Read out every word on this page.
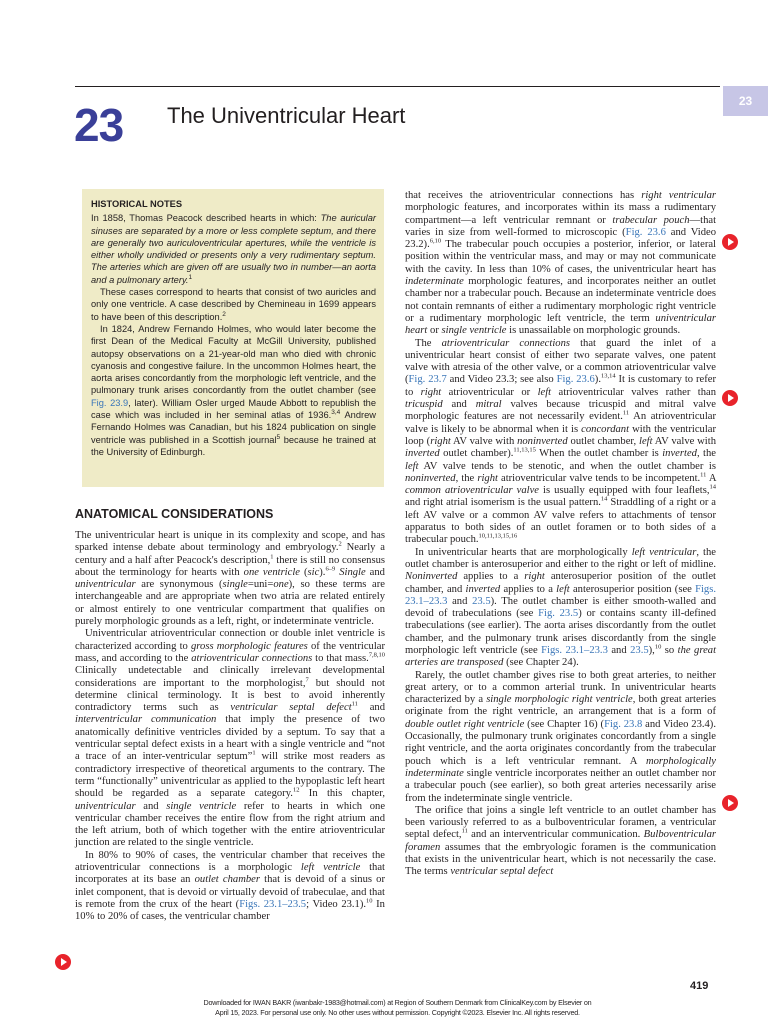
23
23 The Univentricular Heart
HISTORICAL NOTES

In 1858, Thomas Peacock described hearts in which: The auricular sinuses are separated by a more or less complete septum, and there are generally two auriculoventricular apertures, while the ventricle is either wholly undivided or presents only a very rudimentary septum. The arteries which are given off are usually two in number—an aorta and a pulmonary artery.$^1$

These cases correspond to hearts that consist of two auricles and only one ventricle. A case described by Chemineau in 1699 appears to have been of this description.$^2$

In 1824, Andrew Fernando Holmes, who would later become the first Dean of the Medical Faculty at McGill University, published autopsy observations on a 21-year-old man who died with chronic cyanosis and congestive failure. In the uncommon Holmes heart, the aorta arises concordantly from the morphologic left ventricle, and the pulmonary trunk arises concordantly from the outlet chamber (see Fig. 23.9, later). William Osler urged Maude Abbott to republish the case which was included in her seminal atlas of 1936.$^{3,4}$ Andrew Fernando Holmes was Canadian, but his 1824 publication on single ventricle was published in a Scottish journal$^5$ because he trained at the University of Edinburgh.

ANATOMICAL CONSIDERATIONS

The univentricular heart is unique in its complexity and scope, and has sparked intense debate about terminology and embryology.$^2$ Nearly a century and a half after Peacock's description,$^1$ there is still no consensus about the terminology for hearts with one ventricle (sic).$^{6-9}$ Single and univentricular are synonymous (single=uni=one), so these terms are interchangeable and are appropriate when two atria are related entirely or almost entirely to one ventricular compartment that qualifies on purely morphologic grounds as a left, right, or indeterminate ventricle.

Univentricular atrioventricular connection or double inlet ventricle is characterized according to gross morphologic features of the ventricular mass, and according to the atrioventricular connections to that mass.$^{7,8,10}$ Clinically undetectable and clinically irrelevant developmental considerations are important to the morphologist,$^7$ but should not determine clinical terminology. It is best to avoid inherently contradictory terms such as ventricular septal defect$^{11}$ and interventricular communication that imply the presence of two anatomically definitive ventricles divided by a septum. To say that a ventricular septal defect exists in a heart with a single ventricle and “not a trace of an inter-ventricular septum”$^1$ will strike most readers as contradictory irrespective of theoretical arguments to the contrary. The term “functionally” univentricular as applied to the hypoplastic left heart should be regarded as a separate category.$^{12}$ In this chapter, univentricular and single ventricle refer to hearts in which one ventricular chamber receives the entire flow from the right atrium and the left atrium, both of which together with the entire atrioventricular junction are related to the single ventricle.

In 80% to 90% of cases, the ventricular chamber that receives the atrioventricular connections is a morphologic left ventricle that incorporates at its base an outlet chamber that is devoid of a sinus or inlet component, that is devoid or virtually devoid of trabeculae, and that is remote from the crux of the heart (Figs. 23.1–23.5; Video 23.1).$^{10}$ In 10% to 20% of cases, the ventricular chamber

that receives the atrioventricular connections has right ventricular morphologic features, and incorporates within its mass a rudimentary compartment—a left ventricular remnant or trabecular pouch—that varies in size from well-formed to microscopic (Fig. 23.6 and Video 23.2).$^{6,10}$ The trabecular pouch occupies a posterior, inferior, or lateral position within the ventricular mass, and may or may not communicate with the cavity. In less than 10% of cases, the univentricular heart has indeterminate morphologic features, and incorporates neither an outlet chamber nor a trabecular pouch. Because an indeterminate ventricle does not contain remnants of either a rudimentary morphologic right ventricle or a rudimentary morphologic left ventricle, the term univentricular heart or single ventricle is unassailable on morphologic grounds.

The atrioventricular connections that guard the inlet of a univentricular heart consist of either two separate valves, one patent valve with atresia of the other valve, or a common atrioventricular valve (Fig. 23.7 and Video 23.3; see also Fig. 23.6).$^{13,14}$ It is customary to refer to right atrioventricular or left atrioventricular valves rather than tricuspid and mitral valves because tricuspid and mitral valve morphologic features are not necessarily evident.$^{11}$ An atrioventricular valve is likely to be abnormal when it is concordant with the ventricular loop (right AV valve with noninverted outlet chamber, left AV valve with inverted outlet chamber).$^{11,13,15}$ When the outlet chamber is inverted, the left AV valve tends to be stenotic, and when the outlet chamber is noninverted, the right atrioventricular valve tends to be incompetent.$^{11}$ A common atrioventricular valve is usually equipped with four leaflets,$^{14}$ and right atrial isomerism is the usual pattern.$^{14}$ Straddling of a right or a left AV valve or a common AV valve refers to attachments of tensor apparatus to both sides of an outlet foramen or to both sides of a trabecular pouch.$^{10,11,13,15,16}$

In univentricular hearts that are morphologically left ventricular, the outlet chamber is anterosuperior and either to the right or left of midline. Noninverted applies to a right anterosuperior position of the outlet chamber, and inverted applies to a left anterosuperior position (see Figs. 23.1–23.3 and 23.5). The outlet chamber is either smooth-walled and devoid of trabeculations (see Fig. 23.5) or contains scanty ill-defined trabeculations (see earlier). The aorta arises discordantly from the outlet chamber, and the pulmonary trunk arises discordantly from the single morphologic left ventricle (see Figs. 23.1–23.3 and 23.5),$^{10}$ so the great arteries are transposed (see Chapter 24).

Rarely, the outlet chamber gives rise to both great arteries, to neither great artery, or to a common arterial trunk. In univentricular hearts characterized by a single morphologic right ventricle, both great arteries originate from the right ventricle, an arrangement that is a form of double outlet right ventricle (see Chapter 16) (Fig. 23.8 and Video 23.4). Occasionally, the pulmonary trunk originates concordantly from a single right ventricle, and the aorta originates concordantly from the trabecular pouch which is a left ventricular remnant. A morphologically indeterminate single ventricle incorporates neither an outlet chamber nor a trabecular pouch (see earlier), so both great arteries necessarily arise from the indeterminate single ventricle.

The orifice that joins a single left ventricle to an outlet chamber has been variously referred to as a bulboventricular foramen, a ventricular septal defect,$^{11}$ and an interventricular communication. Bulboventricular foramen assumes that the embryologic foramen is the communication that exists in the univentricular heart, which is not necessarily the case. The terms ventricular septal defect

419
Downloaded for IWAN BAKR (iwanbakr-1983@hotmail.com) at Region of Southern Denmark from ClinicalKey.com by Elsevier on
April 15, 2023. For personal use only. No other uses without permission. Copyright ©2023. Elsevier Inc. All rights reserved.
